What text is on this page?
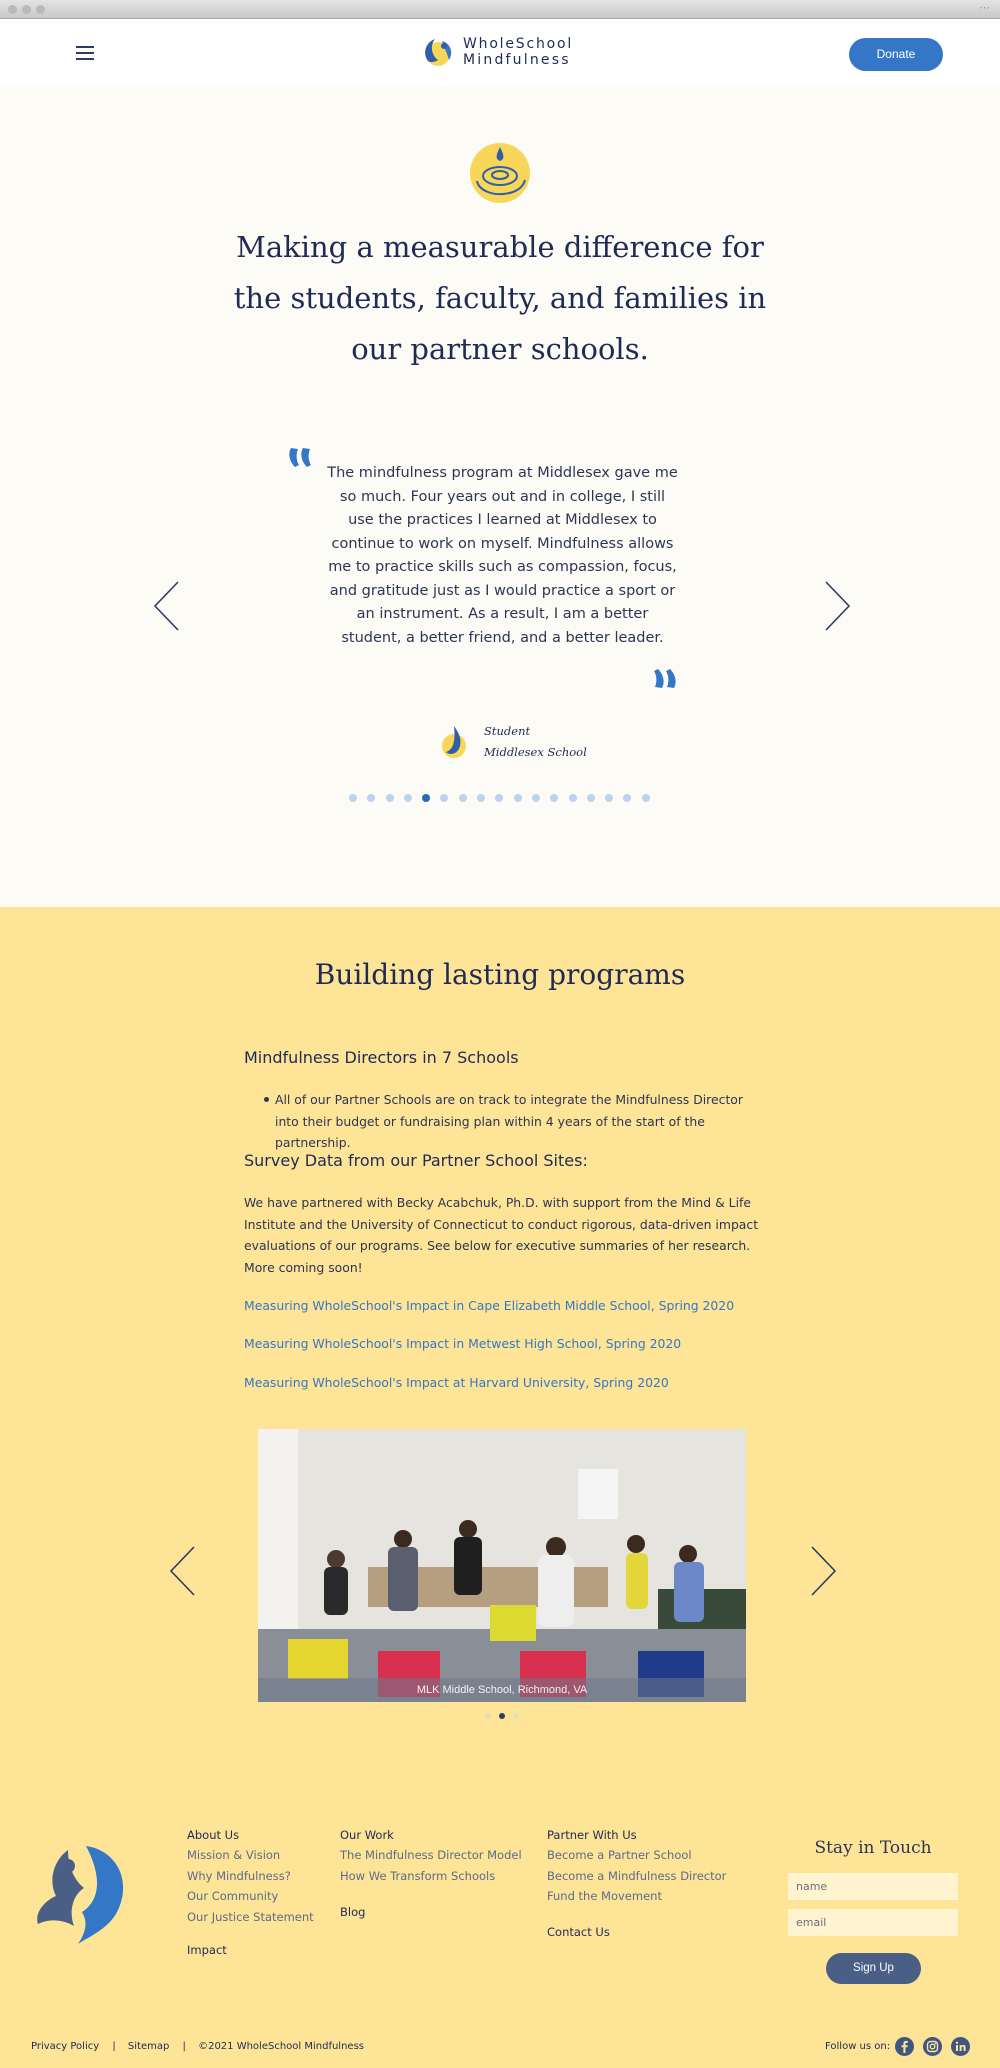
⋯
WholeSchool
Mindfulness	Donate
Making a measurable difference for the students, faculty, and families in our partner schools.
The mindfulness program at Middlesex gave me so much. Four years out and in college, I still use the practices I learned at Middlesex to continue to work on myself. Mindfulness allows me to practice skills such as compassion, focus, and gratitude just as I would practice a sport or an instrument. As a result, I am a better student, a better friend, and a better leader.
Student
Middlesex School
Building lasting programs
Mindfulness Directors in 7 Schools
All of our Partner Schools are on track to integrate the Mindfulness Director into their budget or fundraising plan within 4 years of the start of the partnership.
Survey Data from our Partner School Sites:
We have partnered with Becky Acabchuk, Ph.D. with support from the Mind & Life Institute and the University of Connecticut to conduct rigorous, data-driven impact evaluations of our programs. See below for executive summaries of her research. More coming soon!
Measuring WholeSchool's Impact in Cape Elizabeth Middle School, Spring 2020
Measuring WholeSchool's Impact in Metwest High School, Spring 2020
Measuring WholeSchool's Impact at Harvard University, Spring 2020
MLK Middle School, Richmond, VA
About Us
Mission & Vision
Why Mindfulness?
Our Community
Our Justice Statement
Impact
Our Work
The Mindfulness Director Model
How We Transform Schools
Blog
Partner With Us
Become a Partner School
Become a Mindfulness Director
Fund the Movement
Contact Us
Stay in Touch
name
email
Sign Up
Privacy Policy | Sitemap | ©2021 WholeSchool Mindfulness	Follow us on:
